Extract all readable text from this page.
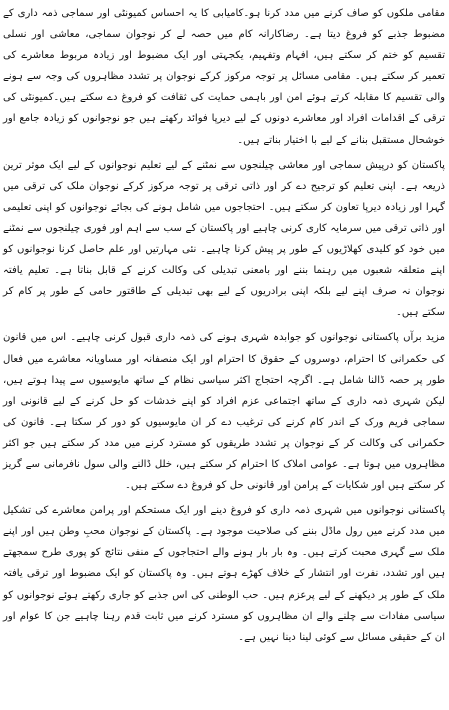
مقامی ملکوں کو صاف کرنے میں مدد کرنا ہو۔کامیابی کا یہ احساس کمیونٹی اور سماجی ذمہ داری کے مضبوط جذبے کو فروغ دیتا ہے۔ رضاکارانہ کام میں حصہ لے کر نوجوان سماجی، معاشی اور نسلی تقسیم کو ختم کر سکتے ہیں، افہام وتفہیم، یکجہتی اور ایک مضبوط اور زیادہ مربوط معاشرے کی تعمیر کر سکتے ہیں۔ مقامی مسائل پر توجہ مرکوز کرکے نوجوان پر تشدد مظاہروں کی وجہ سے ہونے والی تقسیم کا مقابلہ کرتے ہوئے امن اور باہمی حمایت کی ثقافت کو فروغ دے سکتے ہیں۔کمیونٹی کی ترقی کے اقدامات افراد اور معاشرے دونوں کے لیے دیرپا فوائد رکھتے ہیں جو نوجوانوں کو زیادہ جامع اور خوشحال مستقبل بنانے کے لیے با اختیار بناتے ہیں۔

پاکستان کو درپیش سماجی اور معاشی چیلنجوں سے نمٹنے کے لیے تعلیم نوجوانوں کے لیے ایک موثر ترین ذریعہ ہے۔ اپنی تعلیم کو ترجیح دے کر اور ذاتی ترقی پر توجہ مرکوز کرکے نوجوان ملک کی ترقی میں گہرا اور زیادہ دیرپا تعاون کر سکتے ہیں۔ احتجاجوں میں شامل ہونے کی بجائے نوجوانوں کو اپنی تعلیمی اور ذاتی ترقی میں سرمایہ کاری کرنی چاہیے اور پاکستان کے سب سے اہم اور فوری چیلنجوں سے نمٹنے میں خود کو کلیدی کھلاڑیوں کے طور پر پیش کرنا چاہیے۔ نئی مہارتیں اور علم حاصل کرنا نوجوانوں کو اپنے متعلقہ شعبوں میں رہنما بننے اور بامعنی تبدیلی کی وکالت کرنے کے قابل بناتا ہے۔ تعلیم یافتہ نوجوان نہ صرف اپنے لیے بلکہ اپنی برادریوں کے لیے بھی تبدیلی کے طاقتور حامی کے طور پر کام کر سکتے ہیں۔

مزید برآں پاکستانی نوجوانوں کو جوابدہ شہری ہونے کی ذمہ داری قبول کرنی چاہیے۔ اس میں قانون کی حکمرانی کا احترام، دوسروں کے حقوق کا احترام اور ایک منصفانہ اور مساویانہ معاشرے میں فعال طور پر حصہ ڈالنا شامل ہے۔ اگرچہ احتجاج اکثر سیاسی نظام کے ساتھ مایوسیوں سے پیدا ہوتے ہیں، لیکن شہری ذمہ داری کے ساتھ اجتماعی عزم افراد کو اپنے خدشات کو حل کرنے کے لیے قانونی اور سماجی فریم ورک کے اندر کام کرنے کی ترغیب دے کر ان مایوسیوں کو دور کر سکتا ہے۔ قانون کی حکمرانی کی وکالت کر کے نوجوان پر تشدد طریقوں کو مسترد کرنے میں مدد کر سکتے ہیں جو اکثر مظاہروں میں ہوتا ہے۔ عوامی املاک کا احترام کر سکتے ہیں، خلل ڈالنے والی سول نافرمانی سے گریز کر سکتے ہیں اور شکایات کے پرامن اور قانونی حل کو فروغ دے سکتے ہیں۔

پاکستانی نوجوانوں میں شہری ذمہ داری کو فروغ دینے اور ایک مستحکم اور پرامن معاشرے کی تشکیل میں مدد کرنے میں رول ماڈل بننے کی صلاحیت موجود ہے۔ پاکستان کے نوجوان محبِ وطن ہیں اور اپنے ملک سے گہری محبت کرتے ہیں۔ وہ بار بار ہونے والے احتجاجوں کے منفی نتائج کو پوری طرح سمجھتے ہیں اور تشدد، نفرت اور انتشار کے خلاف کھڑے ہوتے ہیں۔ وہ پاکستان کو ایک مضبوط اور ترقی یافتہ ملک کے طور پر دیکھنے کے لیے پرعزم ہیں۔ حب الوطنی کی اس جذبے کو جاری رکھتے ہوئے نوجوانوں کو سیاسی مفادات سے چلنے والے ان مظاہروں کو مسترد کرنے میں ثابت قدم رہنا چاہیے جن کا عوام اور ان کے حقیقی مسائل سے کوئی لینا دینا نہیں ہے۔
